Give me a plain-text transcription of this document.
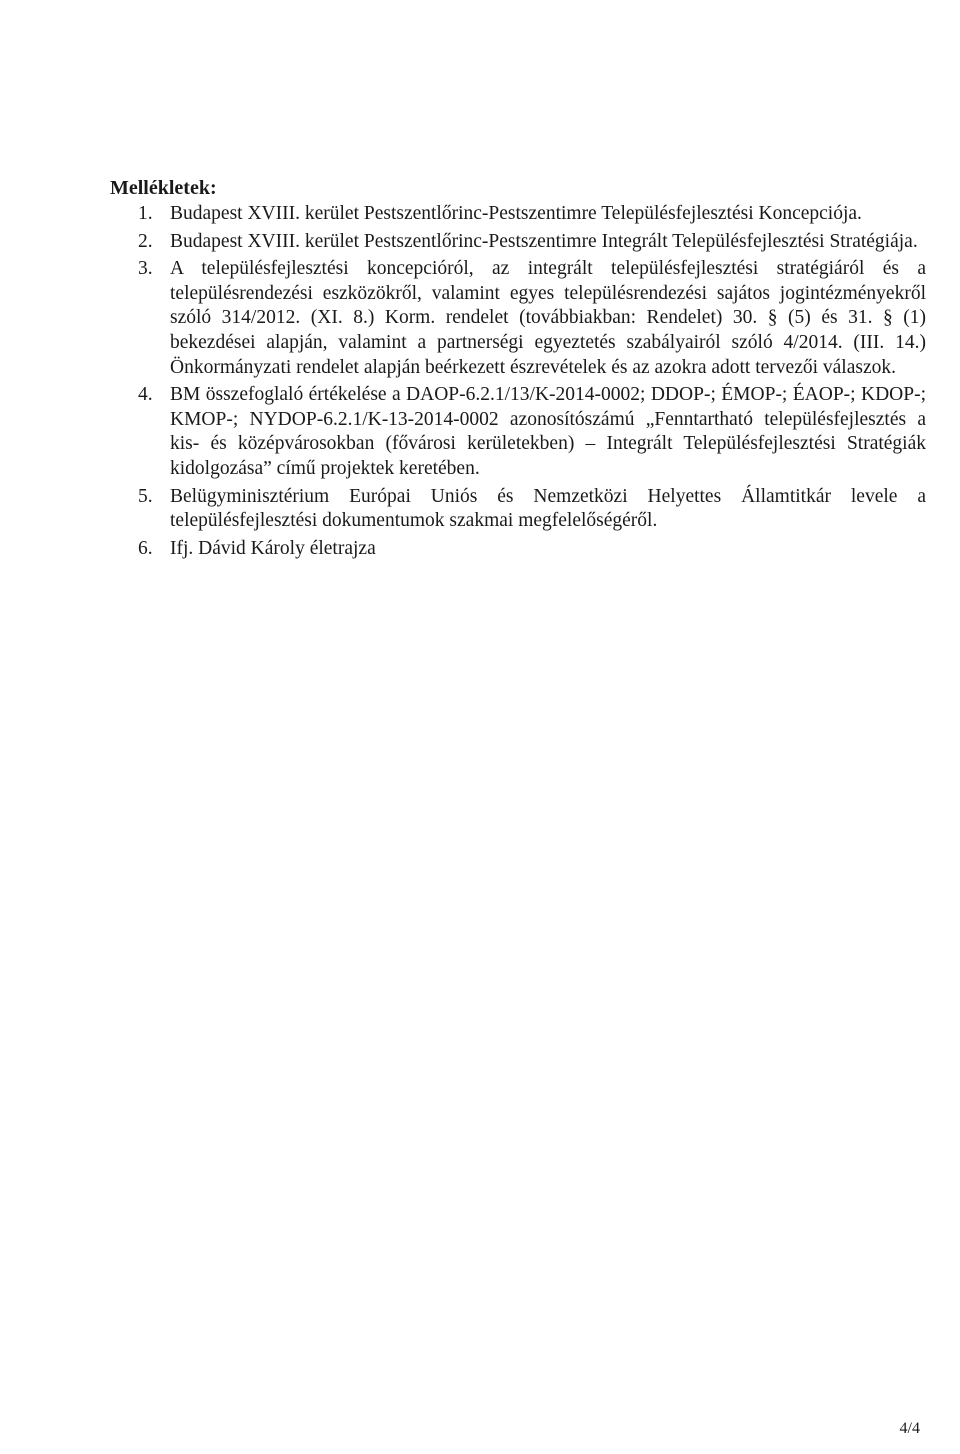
Mellékletek:
1. Budapest XVIII. kerület Pestszentlőrinc-Pestszentimre Településfejlesztési Koncepciója.
2. Budapest XVIII. kerület Pestszentlőrinc-Pestszentimre Integrált Településfejlesztési Stratégiája.
3. A településfejlesztési koncepcióról, az integrált településfejlesztési stratégiáról és a településrendezési eszközökről, valamint egyes településrendezési sajátos jogintézményekről szóló 314/2012. (XI. 8.) Korm. rendelet (továbbiakban: Rendelet) 30. § (5) és 31. § (1) bekezdései alapján, valamint a partnerségi egyeztetés szabályairól szóló 4/2014. (III. 14.) Önkormányzati rendelet alapján beérkezett észrevételek és az azokra adott tervezői válaszok.
4. BM összefoglaló értékelése a DAOP-6.2.1/13/K-2014-0002; DDOP-; ÉMOP-; ÉAOP-; KDOP-; KMOP-; NYDOP-6.2.1/K-13-2014-0002 azonosítószámú „Fenntartható településfejlesztés a kis- és középvárosokban (fővárosi kerületekben) – Integrált Településfejlesztési Stratégiák kidolgozása” című projektek keretében.
5. Belügyminisztérium Európai Uniós és Nemzetközi Helyettes Államtitkár levele a településfejlesztési dokumentumok szakmai megfelelőségéről.
6. Ifj. Dávid Károly életrajza
4/4
